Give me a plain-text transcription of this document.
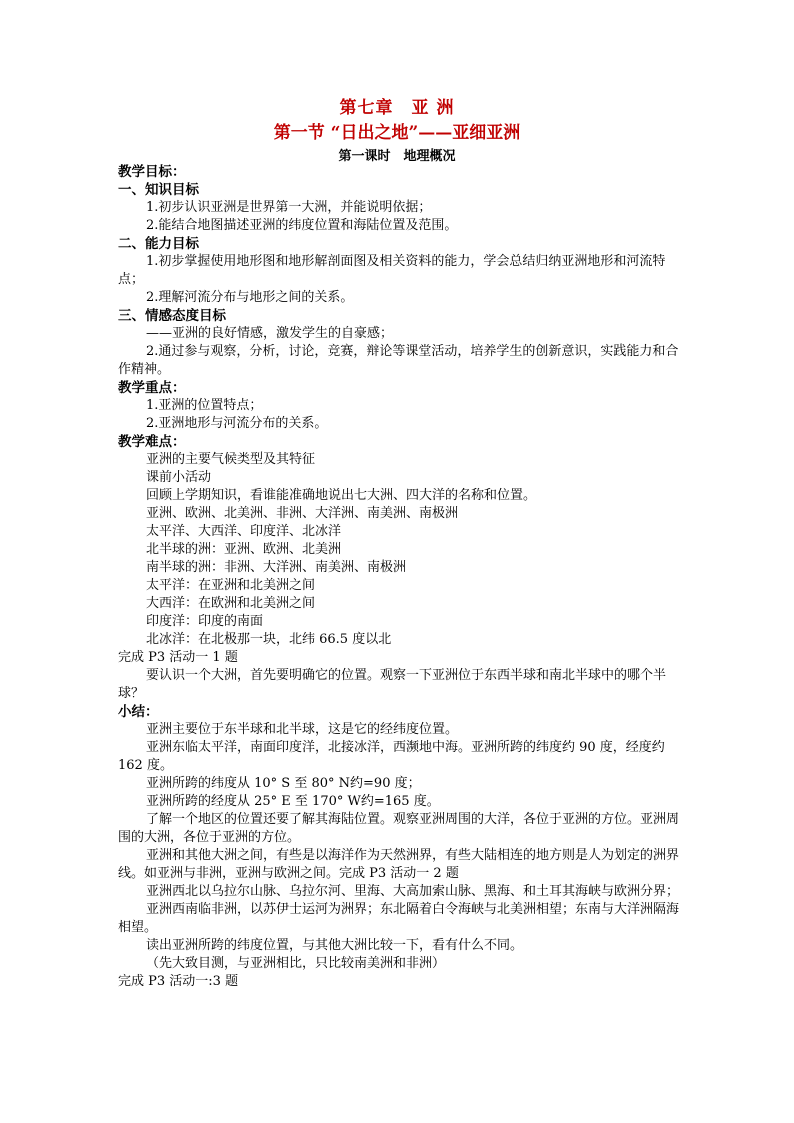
第七章　亚 洲
第一节 “日出之地”——亚细亚洲
第一课时　地理概况
教学目标：
一、知识目标
1.初步认识亚洲是世界第一大洲，并能说明依据；
2.能结合地图描述亚洲的纬度位置和海陆位置及范围。
二、能力目标
1.初步掌握使用地形图和地形解剖面图及相关资料的能力，学会总结归纳亚洲地形和河流特点；
2.理解河流分布与地形之间的关系。
三、情感态度目标
——亚洲的良好情感，激发学生的自豪感；
2.通过参与观察，分析，讨论，竞赛，辩论等课堂活动，培养学生的创新意识，实践能力和合作精神。
教学重点：
1.亚洲的位置特点；
2.亚洲地形与河流分布的关系。
教学难点：
亚洲的主要气候类型及其特征
课前小活动
回顾上学期知识，看谁能准确地说出七大洲、四大洋的名称和位置。
亚洲、欧洲、北美洲、非洲、大洋洲、南美洲、南极洲
太平洋、大西洋、印度洋、北冰洋
北半球的洲：亚洲、欧洲、北美洲
南半球的洲：非洲、大洋洲、南美洲、南极洲
太平洋：在亚洲和北美洲之间
大西洋：在欧洲和北美洲之间
印度洋：印度的南面
北冰洋：在北极那一块，北纬 66.5 度以北
完成 P3 活动一 1 题
要认识一个大洲，首先要明确它的位置。观察一下亚洲位于东西半球和南北半球中的哪个半球？
小结：
亚洲主要位于东半球和北半球，这是它的经纬度位置。
亚洲东临太平洋，南面印度洋，北接冰洋，西濒地中海。亚洲所跨的纬度约 90 度，经度约 162 度。
亚洲所跨的纬度从 10° S 至 80° N约=90 度；
亚洲所跨的经度从 25° E 至 170° W约=165 度。
了解一个地区的位置还要了解其海陆位置。观察亚洲周围的大洋，各位于亚洲的方位。亚洲周围的大洲，各位于亚洲的方位。
亚洲和其他大洲之间，有些是以海洋作为天然洲界，有些大陆相连的地方则是人为划定的洲界线。如亚洲与非洲，亚洲与欧洲之间。完成 P3 活动一 2 题
亚洲西北以乌拉尔山脉、乌拉尔河、里海、大高加索山脉、黑海、和土耳其海峡与欧洲分界；
亚洲西南临非洲，以苏伊士运河为洲界；东北隔着白令海峡与北美洲相望；东南与大洋洲隔海相望。
读出亚洲所跨的纬度位置，与其他大洲比较一下，看有什么不同。
（先大致目测，与亚洲相比，只比较南美洲和非洲）
完成 P3 活动一:3 题
